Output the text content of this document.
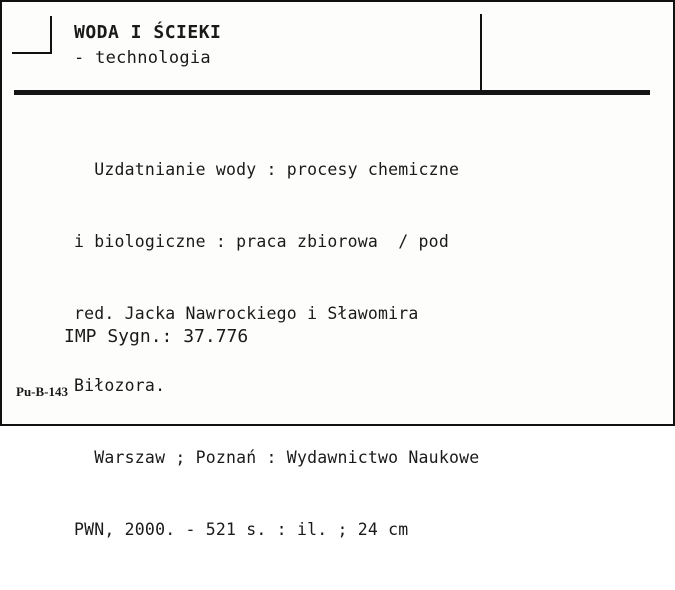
WODA I ŚCIEKI
- technologia

Uzdatnianie wody : procesy chemiczne

i biologiczne : praca zbiorowa  / pod

red. Jacka Nawrockiego i Sławomira

Biłozora.

Warszaw ; Poznań : Wydawnictwo Naukowe

PWN, 2000. - 521 s. : il. ; 24 cm

IMP Sygn.: 37.776
Pu-B-143
